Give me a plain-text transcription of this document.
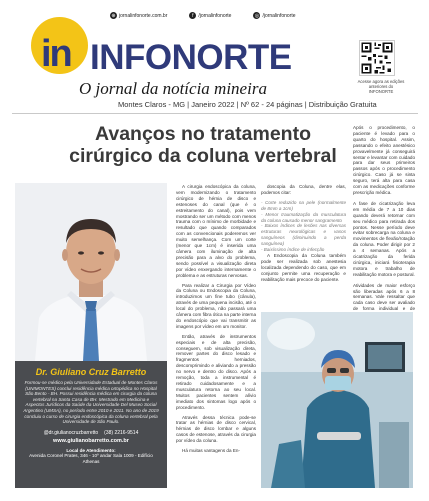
⊕ jornalinfonorte.com.br	f /jornalinfonorte	◎ /jornalinfonorte
in INFONORTE
O jornal da notícia mineira
Montes Claros - MG | Janeiro 2022 | Nº 62 - 24 páginas | Distribuição Gratuita
Acesse agora as edições anteriores do INFONORTE
Avanços no tratamento cirúrgico da coluna vertebral

Após o procedimento, o paciente é levado para o quarto do hospital. Assim, passando o efeito anestésico provavelmente já conseguirá sentar e levantar com cuidado para dar seus primeiros passos após o procedimento cirúrgico. Caso já se sinta seguro, terá alta para casa com as medicações conforme prescrição médica.

A fase de cicatrização leva em média de 7 a 10 dias quando deverá retornar com seu médico para retirada dos pontos. Nesse período deve evitar sobrecarga na coluna e movimentos de flexão/rotação da coluna. Poder dirigir por 2 a 4 semanas. Após a cicatrização da ferida cirúrgica, iniciará fisioterapia motora e trabalho de reabilitação motora e postural.

Atividades de maior esforço são liberadas após 6 a 8 semanas. Vale ressaltar que cada caso deve ser avaliado de forma individual e de

Dr. Giuliano Cruz Barretto
Formou-se médico pela Universidade Estadual de Montes Claros (UNIMONTES) conclui residência médica ortopédica no Hospital São Bento - BH. Possui residência médica em cirurgia da coluna vertebral na Santa Casa de BH. Mestrado em Medicina e Aspectos Jurídicos da Saúde da Universidade Del Museo Social Argentino (UMSA), no período entre 2010 e 2011. No ano de 2019 concluiu o curso de cirurgia endoscópica da coluna vertebral pela Universidade de São Paulo.
@dr.giulianocruzbarretto (38) 2216-9514
www.giulianobarretto.com.br
Local de Atendimento:
Avenida Coronel Prates, 346 - 10º andar Sala 1009 - Edifício Athenas

A cirurgia endoscópica da coluna, vem modernizando o tratamento cirúrgico de hérnia de disco e estenoses do canal (que é o estreitamento do canal), pois vem mostrando ser um método com menos trauma com o mínimo de morbidade e resultado que quando comparados com as convencionais poderemos ver muito semelhança. Com um corte (menor que 1cm) é inserida uma câmera com iluminação de alta precisão para a alvo do problema, sendo possível a visualização direta por vídeo enxergando internamente o problema e as estruturas nervosas.

Para realizar a Cirurgia por Vídeo da Coluna ou Endoscopia da Coluna, introduzimos um fine tubo (cânula), através de uma pequena incisão, até o local do problema, não passará uma câmera com fibra ótica na parte interna do endoscópio que vai transmitir as imagens por vídeo em um monitor.

Então, através de instrumentos especiais e de alta precisão, conseguem, sob visualização direta, remover partes do disco lesado e fragmentos herniados, descomprimindo e aliviando a pressão no nervo e dentro do disco. Após a remoção, toda a instrumental é retirado cuidadosamente e a musculatura retorna ao seu local. Muitos pacientes sentem alívio imediato dos sintomas logo após o procedimento.

Através dessa técnica pode-se tratar as hérnias de disco cervical, hérnias de disco lombar e alguns casos de estenose, através da cirurgia por vídeo da coluna.

Há muitas vantagens da En-

doscopia da Coluna, dentre elas, podemos citar:

- Corte reduzido na pele (normalmente de 8mm a 1cm)
- Menor traumatização da musculatura da coluna causado menor sangramento
- Baixos índices de lesões nas diversas estruturas neurológicas e vasos sanguíneos (diminuindo a perda sanguínea)
- Baixíssimo índice de infecção

A Endoscopia da Coluna também pode ser realizada sob anestesia localizada dependendo do caso, que em conjunto permite uma recuperação e reabilitação mais precoce do paciente.
